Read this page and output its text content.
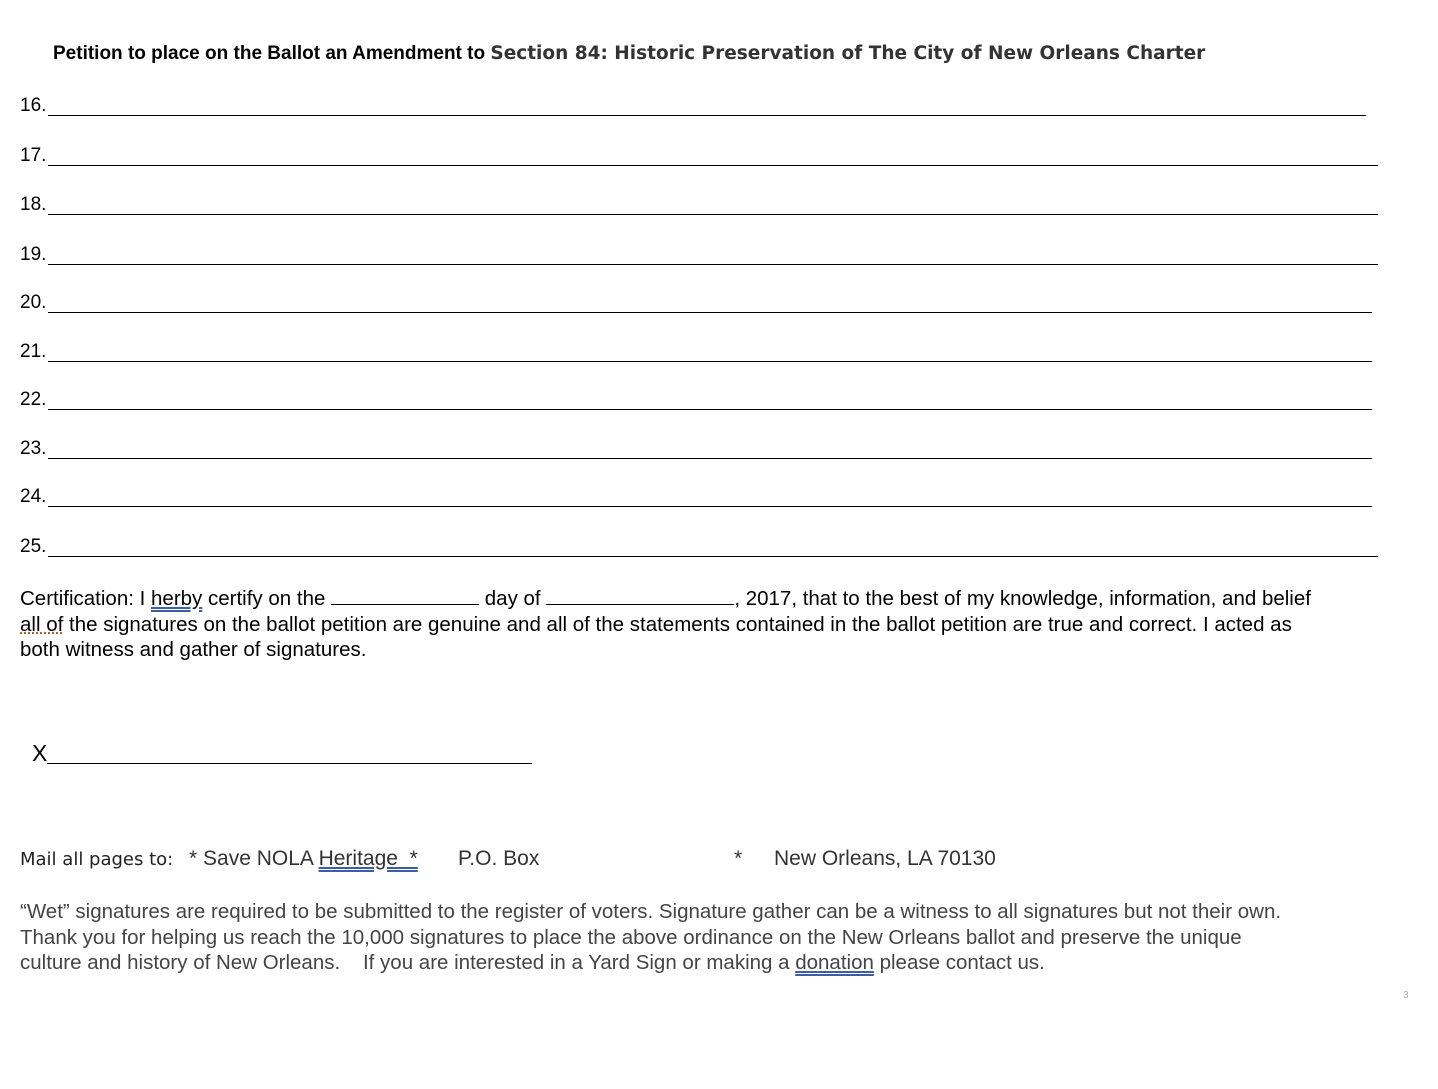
Petition to place on the Ballot an Amendment to Section 84: Historic Preservation of The City of New Orleans Charter
16.
17.
18.
19.
20.
21.
22.
23.
24.
25.
Certification: I herby certify on the	day of	, 2017, that to the best of my knowledge, information, and belief
all of the signatures on the ballot petition are genuine and all of the statements contained in the ballot petition are true and correct. I acted as
both witness and gather of signatures.
X
Mail all pages to: * Save NOLA Heritage  * P.O. Box	* New Orleans, LA 70130
“Wet” signatures are required to be submitted to the register of voters. Signature gather can be a witness to all signatures but not their own.
Thank you for helping us reach the 10,000 signatures to place the above ordinance on the New Orleans ballot and preserve the unique
culture and history of New Orleans.    If you are interested in a Yard Sign or making a donation please contact us.
3
